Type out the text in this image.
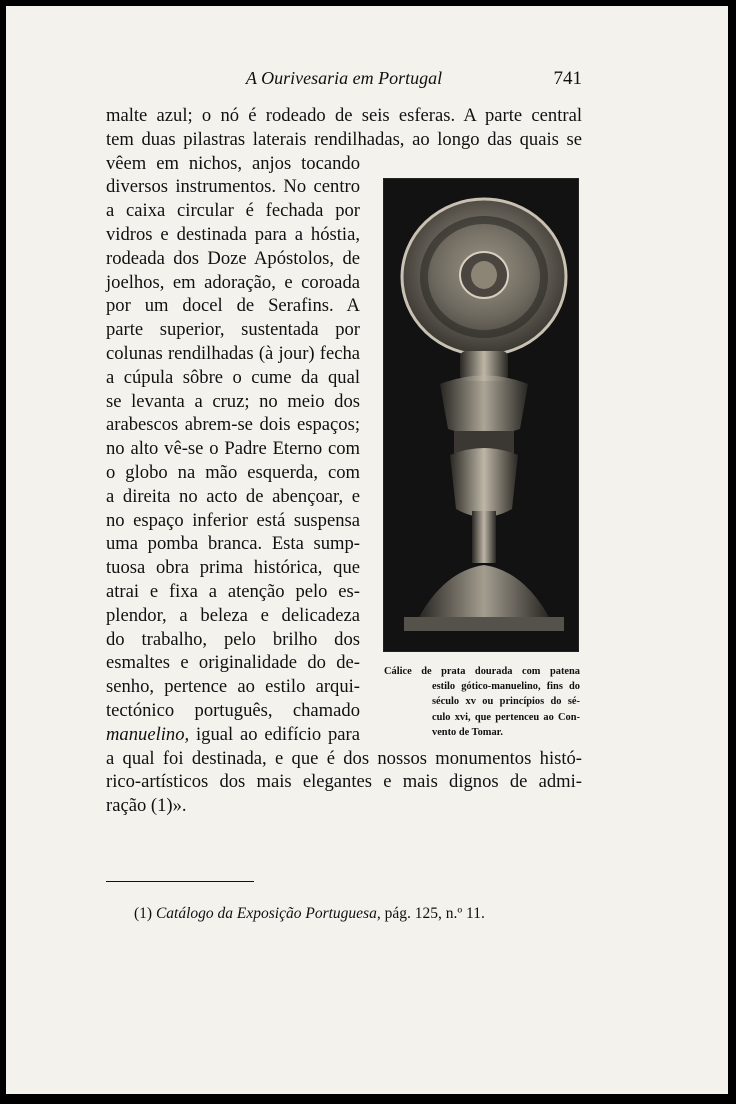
A Ourivesaria em Portugal	741
malte azul; o nó é rodeado de seis esferas. A parte central
tem duas pilastras laterais rendilhadas, ao longo das quais se
vêem em nichos, anjos tocando
diversos instrumentos. No centro
a caixa circular é fechada por
vidros e destinada para a hóstia,
rodeada dos Doze Apóstolos, de
joelhos, em adoração, e coroada
por um docel de Serafins. A
parte superior, sustentada por
colunas rendilhadas (à jour) fecha
a cúpula sôbre o cume da qual
se levanta a cruz; no meio dos
arabescos abrem-se dois espaços;
no alto vê-se o Padre Eterno com
o globo na mão esquerda, com
a direita no acto de abençoar, e
no espaço inferior está suspensa
uma pomba branca. Esta sump-
tuosa obra prima histórica, que
atrai e fixa a atenção pelo es-
plendor, a beleza e delicadeza
do trabalho, pelo brilho dos
esmaltes e originalidade do de-
senho, pertence ao estilo arqui-
tectónico português, chamado
manuelino, igual ao edifício para
a qual foi destinada, e que é dos nossos monumentos histó-
rico-artísticos dos mais elegantes e mais dignos de admi-
ração (1)».
Cálice de prata dourada com patena
estilo gótico-manuelino, fins do
século xv ou princípios do sé-
culo xvi, que pertenceu ao Con-
vento de Tomar.
(1) Catálogo da Exposição Portuguesa, pág. 125, n.º 11.
